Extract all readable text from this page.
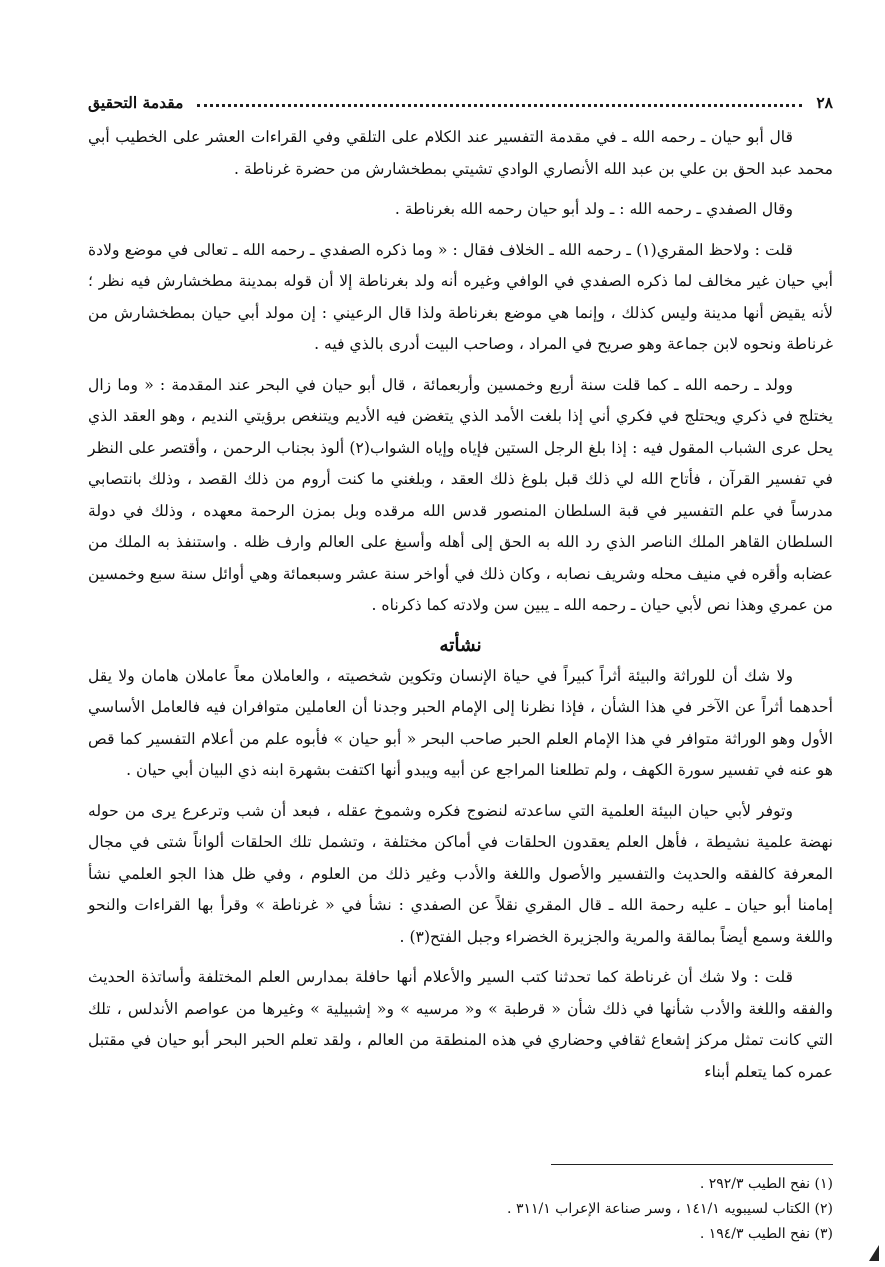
٢٨
مقدمة التحقيق

قال أبو حيان ـ رحمه الله ـ في مقدمة التفسير عند الكلام على التلقي وفي القراءات العشر على الخطيب أبي محمد عبد الحق بن علي بن عبد الله الأنصاري الوادي تشيتي بمطخشارش من حضرة غرناطة .

وقال الصفدي ـ رحمه الله : ـ ولد أبو حيان رحمه الله بغرناطة .

قلت : ولاحظ المقري(١) ـ رحمه الله ـ الخلاف فقال : « وما ذكره الصفدي ـ رحمه الله ـ تعالى في موضع ولادة أبي حيان غير مخالف لما ذكره الصفدي في الوافي وغيره أنه ولد بغرناطة إلا أن قوله بمدينة مطخشارش فيه نظر ؛ لأنه يقيض أنها مدينة وليس كذلك ، وإنما هي موضع بغرناطة ولذا قال الرعيني : إن مولد أبي حيان بمطخشارش من غرناطة ونحوه لابن جماعة وهو صريح في المراد ، وصاحب البيت أدرى بالذي فيه .

وولد ـ رحمه الله ـ كما قلت سنة أربع وخمسين وأربعمائة ، قال أبو حيان في البحر عند المقدمة : « وما زال يختلج في ذكري ويحتلج في فكري أني إذا بلغت الأمد الذي يتغضن فيه الأديم ويتنغص برؤيتي النديم ، وهو العقد الذي يحل عرى الشباب المقول فيه : إذا بلغ الرجل الستين فإياه وإياه الشواب(٢) ألوذ بجناب الرحمن ، وأقتصر على النظر في تفسير القرآن ، فأتاح الله لي ذلك قبل بلوغ ذلك العقد ، وبلغني ما كنت أروم من ذلك القصد ، وذلك بانتصابي مدرساً في علم التفسير في قبة السلطان المنصور قدس الله مرقده وبل بمزن الرحمة معهده ، وذلك في دولة السلطان القاهر الملك الناصر الذي رد الله به الحق إلى أهله وأسبغ على العالم وارف ظله . واستنفذ به الملك من عضابه وأقره في منيف محله وشريف نصابه ، وكان ذلك في أواخر سنة عشر وسبعمائة وهي أوائل سنة سبع وخمسين من عمري وهذا نص لأبي حيان ـ رحمه الله ـ يبين سن ولادته كما ذكرناه .

نشأته

ولا شك أن للوراثة والبيئة أثراً كبيراً في حياة الإنسان وتكوين شخصيته ، والعاملان معاً عاملان هامان ولا يقل أحدهما أثراً عن الآخر في هذا الشأن ، فإذا نظرنا إلى الإمام الحبر وجدنا أن العاملين متوافران فيه فالعامل الأساسي الأول وهو الوراثة متوافر في هذا الإمام العلم الحبر صاحب البحر « أبو حيان » فأبوه علم من أعلام التفسير كما قص هو عنه في تفسير سورة الكهف ، ولم تطلعنا المراجع عن أبيه ويبدو أنها اكتفت بشهرة ابنه ذي البيان أبي حيان .

وتوفر لأبي حيان البيئة العلمية التي ساعدته لنضوج فكره وشموخ عقله ، فبعد أن شب وترعرع يرى من حوله نهضة علمية نشيطة ، فأهل العلم يعقدون الحلقات في أماكن مختلفة ، وتشمل تلك الحلقات ألواناً شتى في مجال المعرفة كالفقه والحديث والتفسير والأصول واللغة والأدب وغير ذلك من العلوم ، وفي ظل هذا الجو العلمي نشأ إمامنا أبو حيان ـ عليه رحمة الله ـ قال المقري نقلاً عن الصفدي : نشأ في « غرناطة » وقرأ بها القراءات والنحو واللغة وسمع أيضاً بمالقة والمرية والجزيرة الخضراء وجبل الفتح(٣) .

قلت : ولا شك أن غرناطة كما تحدثنا كتب السير والأعلام أنها حافلة بمدارس العلم المختلفة وأساتذة الحديث والفقه واللغة والأدب شأنها في ذلك شأن « قرطبة » و« مرسيه » و« إشبيلية » وغيرها من عواصم الأندلس ، تلك التي كانت تمثل مركز إشعاع ثقافي وحضاري في هذه المنطقة من العالم ، ولقد تعلم الحبر البحر أبو حيان في مقتبل عمره كما يتعلم أبناء

(١) نفح الطيب ٢٩٢/٣ .
(٢) الكتاب لسيبويه ١٤١/١ ، وسر صناعة الإعراب ٣١١/١ .
(٣) نفح الطيب ١٩٤/٣ .
